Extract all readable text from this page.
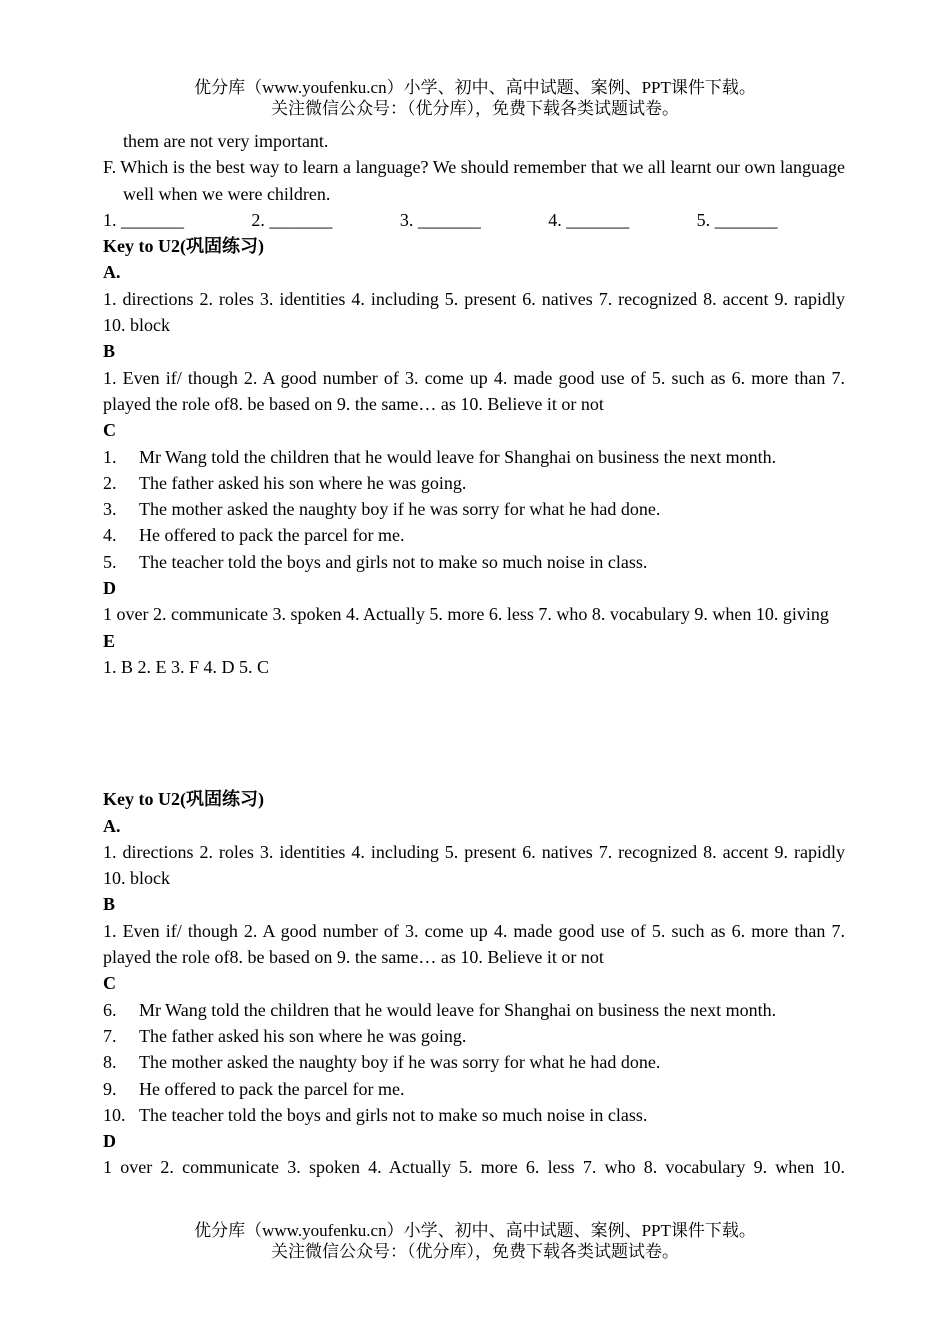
优分库（www.youfenku.cn）小学、初中、高中试题、案例、PPT课件下载。
关注微信公众号：（优分库），免费下载各类试题试卷。
them are not very important.
F. Which is the best way to learn a language? We should remember that we all learnt our own language well when we were children.
1. _______	2. _______	3. _______	4. _______	5. _______
Key to U2(巩固练习)
A.
1. directions 2. roles 3. identities 4. including 5. present 6. natives 7. recognized 8. accent 9. rapidly 10. block
B
1. Even if/ though 2. A good number of 3. come up 4. made good use of 5. such as 6. more than 7. played the role of8. be based on 9. the same… as 10. Believe it or not
C
1.	Mr Wang told the children that he would leave for Shanghai on business the next month.
2.	The father asked his son where he was going.
3.	The mother asked the naughty boy if he was sorry for what he had done.
4.	He offered to pack the parcel for me.
5.	The teacher told the boys and girls not to make so much noise in class.
D
1 over 2. communicate 3. spoken 4. Actually 5. more 6. less 7. who 8. vocabulary 9. when 10. giving
E
1. B 2. E 3. F 4. D 5. C
Key to U2(巩固练习)
A.
1. directions 2. roles 3. identities 4. including 5. present 6. natives 7. recognized 8. accent 9. rapidly 10. block
B
1. Even if/ though 2. A good number of 3. come up 4. made good use of 5. such as 6. more than 7. played the role of8. be based on 9. the same… as 10. Believe it or not
C
6.	Mr Wang told the children that he would leave for Shanghai on business the next month.
7.	The father asked his son where he was going.
8.	The mother asked the naughty boy if he was sorry for what he had done.
9.	He offered to pack the parcel for me.
10. The teacher told the boys and girls not to make so much noise in class.
D
1 over 2. communicate 3. spoken 4. Actually 5. more 6. less 7. who 8. vocabulary 9. when 10.
优分库（www.youfenku.cn）小学、初中、高中试题、案例、PPT课件下载。
关注微信公众号：（优分库），免费下载各类试题试卷。
